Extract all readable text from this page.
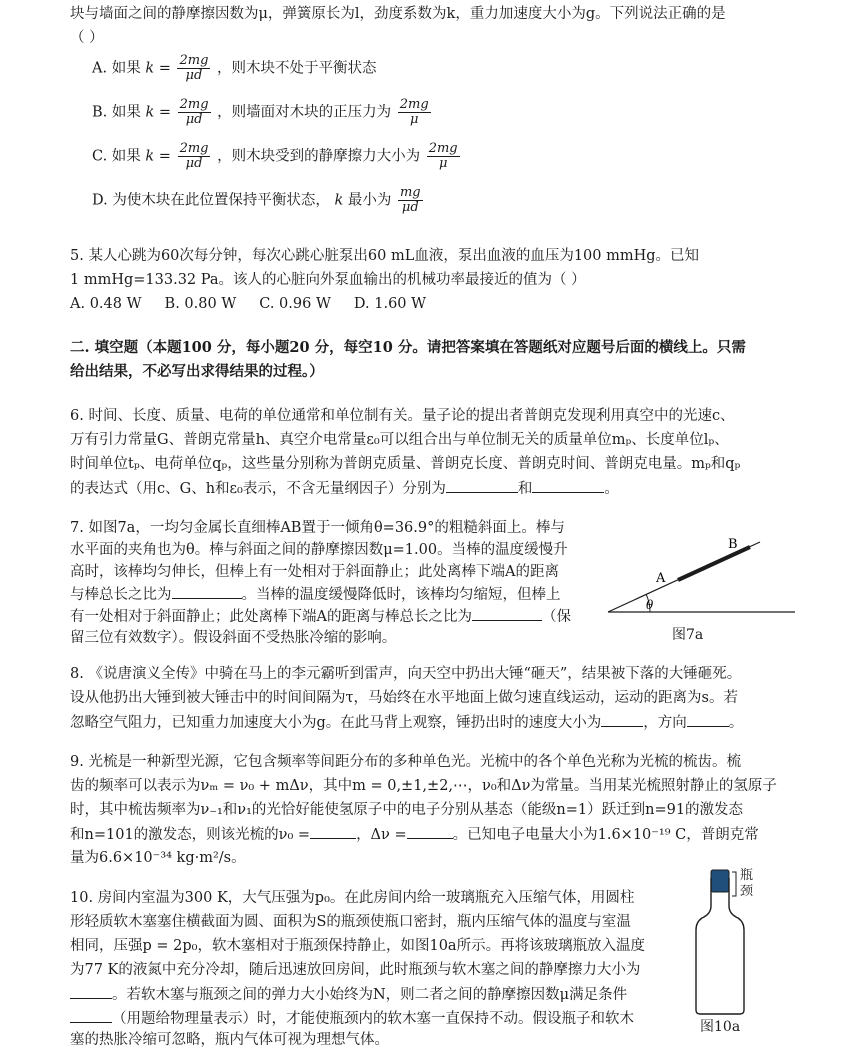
块与墙面之间的静摩擦因数为μ，弹簧原长为l，劲度系数为k，重力加速度大小为g。下列说法正确的是
（ ）
A. 如果 $k = \frac{2mg}{\mu d}$ ，则木块不处于平衡状态
B. 如果 $k = \frac{2mg}{\mu d}$ ，则墙面对木块的正压力为 $\frac{2mg}{\mu}$
C. 如果 $k = \frac{2mg}{\mu d}$ ，则木块受到的静摩擦力大小为 $\frac{2mg}{\mu}$
D. 为使木块在此位置保持平衡状态， k 最小为 $\frac{mg}{\mu d}$
5. 某人心跳为60次每分钟，每次心跳心脏泵出60 mL血液，泵出血液的血压为100 mmHg。已知
1 mmHg=133.32 Pa。该人的心脏向外泵血输出的机械功率最接近的值为（ ）
A. 0.48 W B. 0.80 W C. 0.96 W D. 1.60 W
二. 填空题（本题100 分，每小题20 分，每空10 分。请把答案填在答题纸对应题号后面的横线上。只需
给出结果，不必写出求得结果的过程。）
6. 时间、长度、质量、电荷的单位通常和单位制有关。量子论的提出者普朗克发现利用真空中的光速c、
万有引力常量G、普朗克常量h、真空介电常量ε₀可以组合出与单位制无关的质量单位mₚ、长度单位lₚ、
时间单位tₚ、电荷单位qₚ，这些量分别称为普朗克质量、普朗克长度、普朗克时间、普朗克电量。mₚ和qₚ
的表达式（用c、G、h和ε₀表示，不含无量纲因子）分别为	和	。
7. 如图7a，一均匀金属长直细棒AB置于一倾角θ=36.9°的粗糙斜面上。棒与
水平面的夹角也为θ。棒与斜面之间的静摩擦因数μ=1.00。当棒的温度缓慢升
高时，该棒均匀伸长，但棒上有一处相对于斜面静止；此处离棒下端A的距离
与棒总长之比为	。当棒的温度缓慢降低时，该棒均匀缩短，但棒上
有一处相对于斜面静止；此处离棒下端A的距离与棒总长之比为	（保
留三位有效数字）。假设斜面不受热胀冷缩的影响。
B
A
θ
图7a
8. 《说唐演义全传》中骑在马上的李元霸听到雷声，向天空中扔出大锤“砸天”，结果被下落的大锤砸死。
设从他扔出大锤到被大锤击中的时间间隔为τ，马始终在水平地面上做匀速直线运动，运动的距离为s。若
忽略空气阻力，已知重力加速度大小为g。在此马背上观察，锤扔出时的速度大小为	，方向	。
9. 光梳是一种新型光源，它包含频率等间距分布的多种单色光。光梳中的各个单色光称为光梳的梳齿。梳
齿的频率可以表示为νₘ = ν₀ + mΔν，其中m = 0,±1,±2,⋯，ν₀和Δν为常量。当用某光梳照射静止的氢原子
时，其中梳齿频率为ν₋₁和ν₁的光恰好能使氢原子中的电子分别从基态（能级n=1）跃迁到n=91的激发态
和n=101的激发态，则该光梳的ν₀ =	，Δν =	。已知电子电量大小为1.6×10⁻¹⁹ C，普朗克常
量为6.6×10⁻³⁴ kg·m²/s。
10. 房间内室温为300 K，大气压强为p₀。在此房间内给一玻璃瓶充入压缩气体，用圆柱
形轻质软木塞塞住横截面为圆、面积为S的瓶颈使瓶口密封，瓶内压缩气体的温度与室温
相同，压强p = 2p₀，软木塞相对于瓶颈保持静止，如图10a所示。再将该玻璃瓶放入温度
为77 K的液氮中充分冷却，随后迅速放回房间，此时瓶颈与软木塞之间的静摩擦力大小为
。若软木塞与瓶颈之间的弹力大小始终为N，则二者之间的静摩擦因数μ满足条件
（用题给物理量表示）时，才能使瓶颈内的软木塞一直保持不动。假设瓶子和软木
塞的热胀冷缩可忽略，瓶内气体可视为理想气体。
瓶颈
图10a
